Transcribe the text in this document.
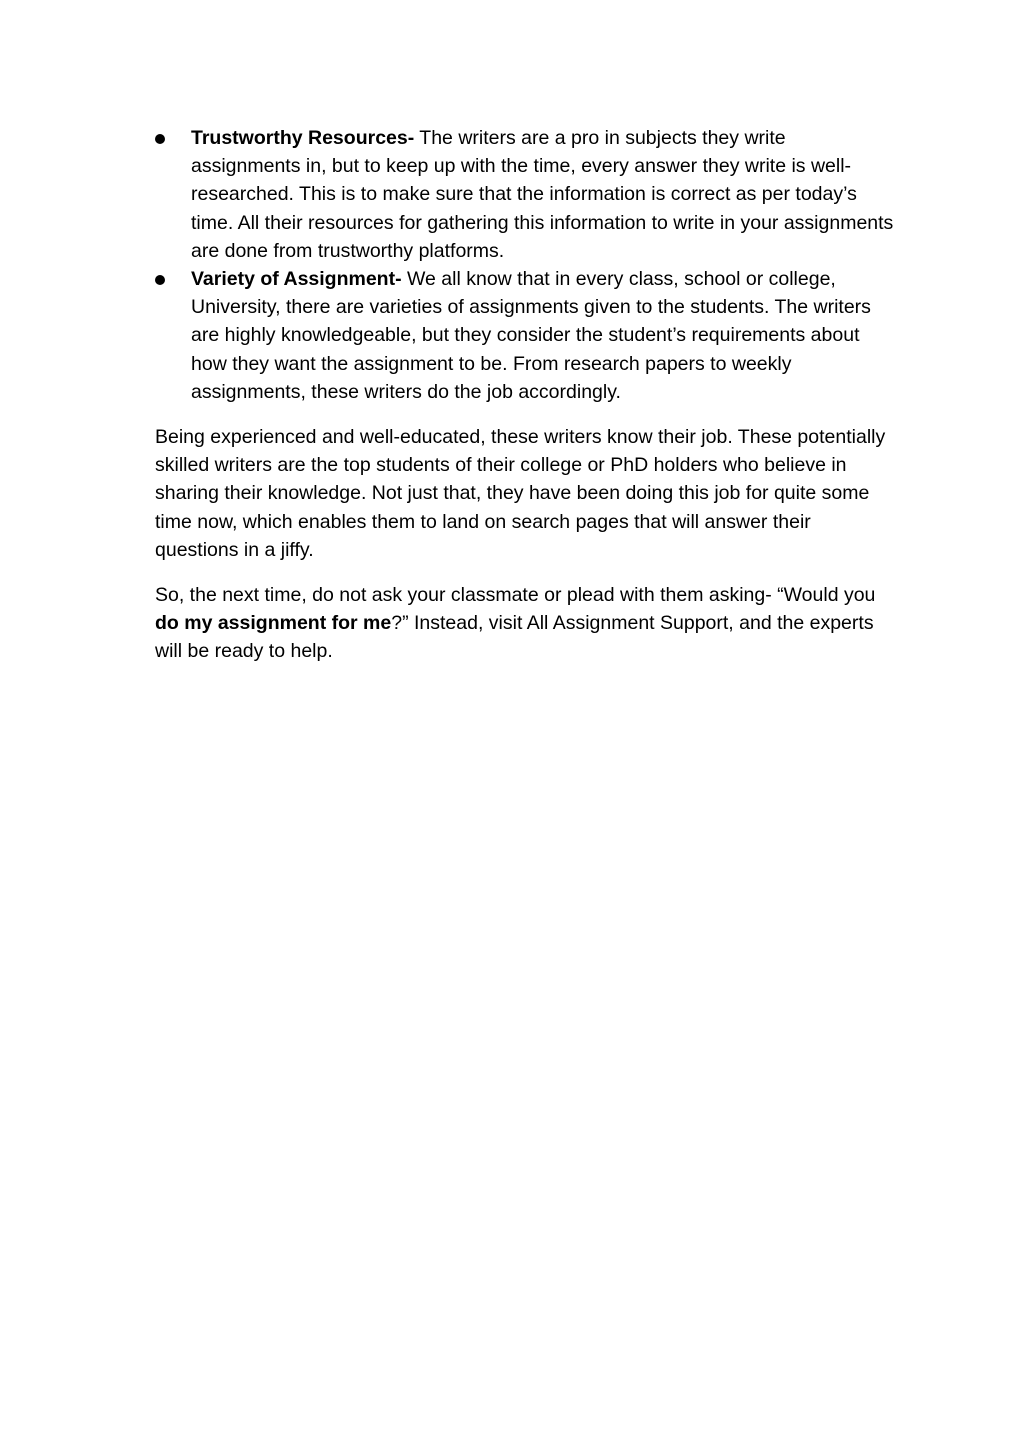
Trustworthy Resources- The writers are a pro in subjects they write assignments in, but to keep up with the time, every answer they write is well-researched. This is to make sure that the information is correct as per today’s time. All their resources for gathering this information to write in your assignments are done from trustworthy platforms.
Variety of Assignment- We all know that in every class, school or college, University, there are varieties of assignments given to the students. The writers are highly knowledgeable, but they consider the student’s requirements about how they want the assignment to be. From research papers to weekly assignments, these writers do the job accordingly.

Being experienced and well-educated, these writers know their job. These potentially skilled writers are the top students of their college or PhD holders who believe in sharing their knowledge. Not just that, they have been doing this job for quite some time now, which enables them to land on search pages that will answer their questions in a jiffy.

So, the next time, do not ask your classmate or plead with them asking- “Would you do my assignment for me?” Instead, visit All Assignment Support, and the experts will be ready to help.
